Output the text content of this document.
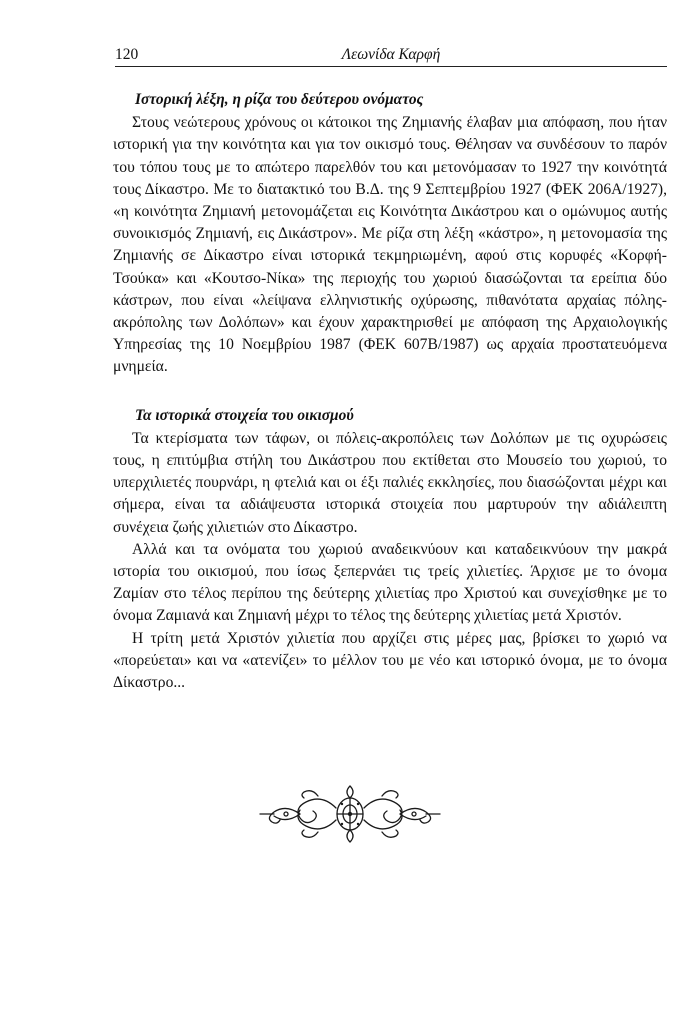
120	Λεωνίδα Καρφή
Ιστορική λέξη, η ρίζα του δεύτερου ονόματος

Στους νεώτερους χρόνους οι κάτοικοι της Ζημιανής έλαβαν μια απόφαση, που ήταν ιστορική για την κοινότητα και για τον οικισμό τους. Θέλησαν να συνδέσουν το παρόν του τόπου τους με το απώτερο παρελθόν του και μετονόμασαν το 1927 την κοινότητά τους Δίκαστρο. Με το διατακτικό του Β.Δ. της 9 Σεπτεμβρίου 1927 (ΦΕΚ 206Α/1927), «η κοινότητα Ζημιανή μετονομάζεται εις Κοινότητα Δικάστρου και ο ομώνυμος αυτής συνοικισμός Ζημιανή, εις Δικάστρον». Με ρίζα στη λέξη «κάστρο», η μετονομασία της Ζημιανής σε Δίκαστρο είναι ιστορικά τεκμηριωμένη, αφού στις κορυφές «Κορφή-Τσούκα» και «Κουτσο-Νίκα» της περιοχής του χωριού διασώζονται τα ερείπια δύο κάστρων, που είναι «λείψανα ελληνιστικής οχύρωσης, πιθανότατα αρχαίας πόλης-ακρόπολης των Δολόπων» και έχουν χαρακτηρισθεί με απόφαση της Αρχαιολογικής Υπηρεσίας της 10 Νοεμβρίου 1987 (ΦΕΚ 607Β/1987) ως αρχαία προστατευόμενα μνημεία.

Τα ιστορικά στοιχεία του οικισμού

Τα κτερίσματα των τάφων, οι πόλεις-ακροπόλεις των Δολόπων με τις οχυρώσεις τους, η επιτύμβια στήλη του Δικάστρου που εκτίθεται στο Μουσείο του χωριού, το υπερχιλιετές πουρνάρι, η φτελιά και οι έξι παλιές εκκλησίες, που διασώζονται μέχρι και σήμερα, είναι τα αδιάψευστα ιστορικά στοιχεία που μαρτυρούν την αδιάλειπτη συνέχεια ζωής χιλιετιών στο Δίκαστρο.

Αλλά και τα ονόματα του χωριού αναδεικνύουν και καταδεικνύουν την μακρά ιστορία του οικισμού, που ίσως ξεπερνάει τις τρείς χιλιετίες. Άρχισε με το όνομα Ζαμίαν στο τέλος περίπου της δεύτερης χιλιετίας προ Χριστού και συνεχίσθηκε με το όνομα Ζαμιανά και Ζημιανή μέχρι το τέλος της δεύτερης χιλιετίας μετά Χριστόν.

Η τρίτη μετά Χριστόν χιλιετία που αρχίζει στις μέρες μας, βρίσκει το χωριό να «πορεύεται» και να «ατενίζει» το μέλλον του με νέο και ιστορικό όνομα, με το όνομα Δίκαστρο...
